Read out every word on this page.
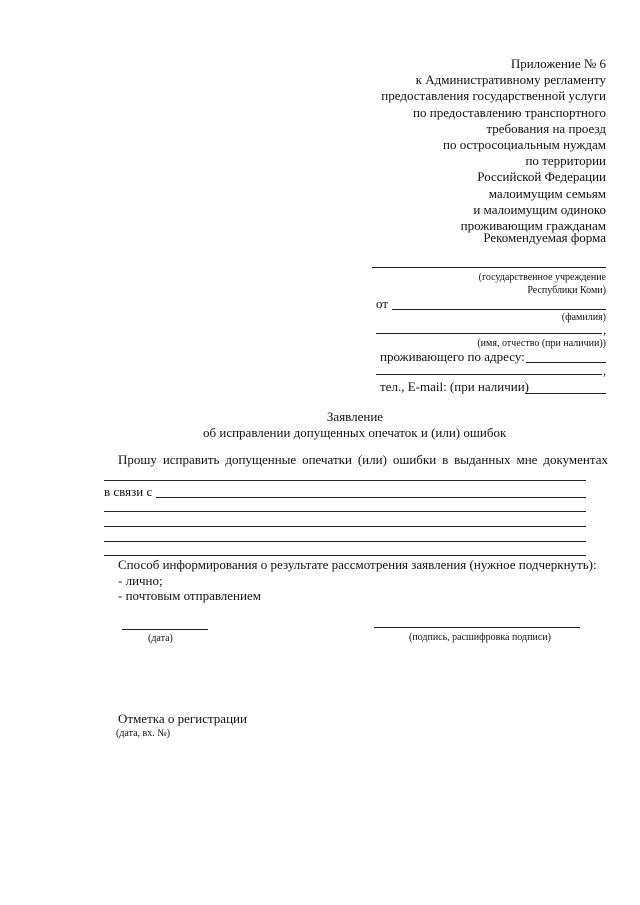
Приложение № 6
к Административному регламенту
предоставления государственной услуги
по предоставлению транспортного
требования на проезд
по остросоциальным нуждам
по территории
Российской Федерации
малоимущим семьям
и малоимущим одиноко
проживающим гражданам
Рекомендуемая форма
(государственное учреждение
Республики Коми)
от
(фамилия)
,
(имя, отчество (при наличии))
проживающего по адресу:
,
тел., E-mail: (при наличии)
Заявление
об исправлении допущенных опечаток и (или) ошибок
Прошу исправить допущенные опечатки (или) ошибки в выданных мне документах
в связи с
Способ информирования о результате рассмотрения заявления (нужное подчеркнуть):
- лично;
- почтовым отправлением
(дата)	(подпись, расшифровка подписи)
Отметка о регистрации
(дата, вх. №)
